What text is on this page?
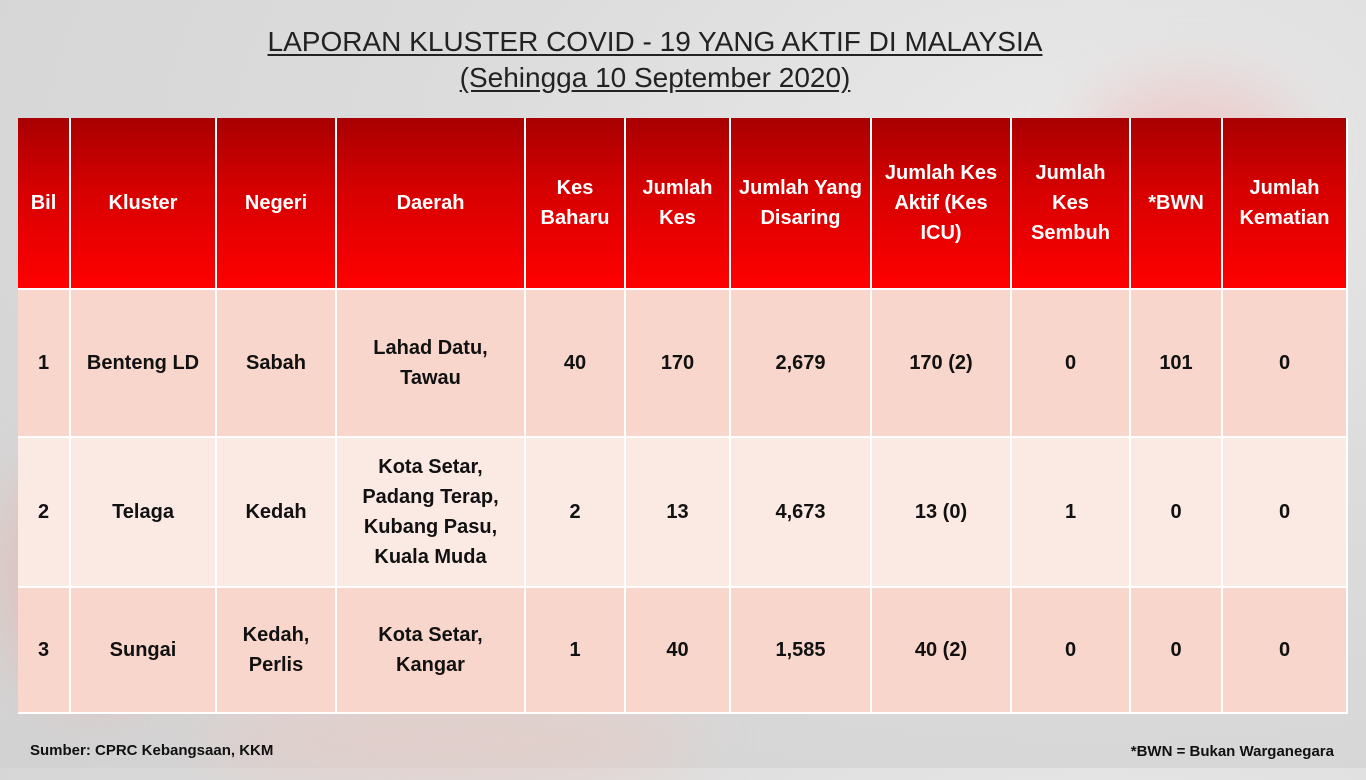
LAPORAN KLUSTER COVID - 19 YANG AKTIF DI MALAYSIA
(Sehingga 10 September 2020)
Bil	Kluster	Negeri	Daerah	Kes Baharu	Jumlah Kes	Jumlah Yang Disaring	Jumlah Kes Aktif (Kes ICU)	Jumlah Kes Sembuh	*BWN	Jumlah Kematian
1	Benteng LD	Sabah	Lahad Datu, Tawau	40	170	2,679	170 (2)	0	101	0
2	Telaga	Kedah	Kota Setar, Padang Terap, Kubang Pasu, Kuala Muda	2	13	4,673	13 (0)	1	0	0
3	Sungai	Kedah, Perlis	Kota Setar, Kangar	1	40	1,585	40 (2)	0	0	0
Sumber: CPRC Kebangsaan, KKM	*BWN = Bukan Warganegara
